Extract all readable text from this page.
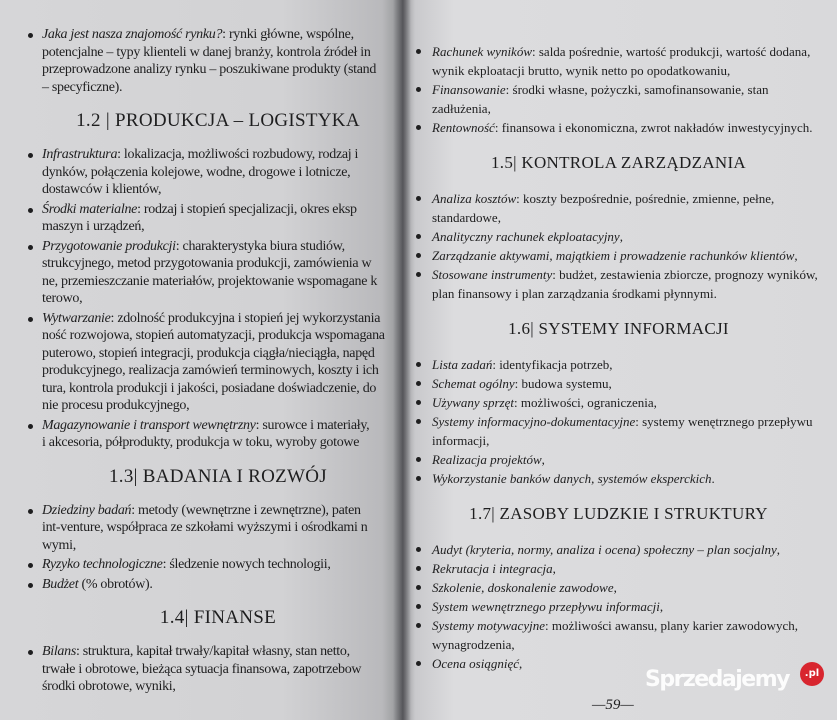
Jaka jest nasza znajomość rynku?: rynki główne, wspólne,
potencjalne – typy klienteli w danej branży, kontrola źródeł in
przeprowadzone analizy rynku – poszukiwane produkty (stand
– specyficzne).
1.2 | PRODUKCJA – LOGISTYKA
Infrastruktura: lokalizacja, możliwości rozbudowy, rodzaj i
dynków, połączenia kolejowe, wodne, drogowe i lotnicze,
dostawców i klientów,
Środki materialne: rodzaj i stopień specjalizacji, okres eksp
maszyn i urządzeń,
Przygotowanie produkcji: charakterystyka biura studiów,
strukcyjnego, metod przygotowania produkcji, zamówienia w
ne, przemieszczanie materiałów, projektowanie wspomagane k
terowo,
Wytwarzanie: zdolność produkcyjna i stopień jej wykorzystania
ność rozwojowa, stopień automatyzacji, produkcja wspomagana
puterowo, stopień integracji, produkcja ciągła/nieciągła, napęd
produkcyjnego, realizacja zamówień terminowych, koszty i ich
tura, kontrola produkcji i jakości, posiadane doświadczenie, do
nie procesu produkcyjnego,
Magazynowanie i transport wewnętrzny: surowce i materiały,
i akcesoria, półprodukty, produkcja w toku, wyroby gotowe
1.3| BADANIA I ROZWÓJ
Dziedziny badań: metody (wewnętrzne i zewnętrzne), paten
int-venture, współpraca ze szkołami wyższymi i ośrodkami n
wymi,
Ryzyko technologiczne: śledzenie nowych technologii,
Budżet (% obrotów).
1.4| FINANSE
Bilans: struktura, kapitał trwały/kapitał własny, stan netto,
trwałe i obrotowe, bieżąca sytuacja finansowa, zapotrzebow
środki obrotowe, wyniki,
Rachunek wyników: salda pośrednie, wartość produkcji, wartość dodana, wynik ekploatacji brutto, wynik netto po opodatkowaniu,
Finansowanie: środki własne, pożyczki, samofinansowanie, stan zadłużenia,
Rentowność: finansowa i ekonomiczna, zwrot nakładów inwestycyjnych.
1.5| KONTROLA ZARZĄDZANIA
Analiza kosztów: koszty bezpośrednie, pośrednie, zmienne, pełne, standardowe,
Analityczny rachunek ekploatacyjny,
Zarządzanie aktywami, majątkiem i prowadzenie rachunków klientów,
Stosowane instrumenty: budżet, zestawienia zbiorcze, prognozy wyników, plan finansowy i plan zarządzania środkami płynnymi.
1.6| SYSTEMY INFORMACJI
Lista zadań: identyfikacja potrzeb,
Schemat ogólny: budowa systemu,
Używany sprzęt: możliwości, ograniczenia,
Systemy informacyjno-dokumentacyjne: systemy wenętrznego przepływu informacji,
Realizacja projektów,
Wykorzystanie banków danych, systemów eksperckich.
1.7| ZASOBY LUDZKIE I STRUKTURY
Audyt (kryteria, normy, analiza i ocena) społeczny – plan socjalny,
Rekrutacja i integracja,
Szkolenie, doskonalenie zawodowe,
System wewnętrznego przepływu informacji,
Systemy motywacyjne: możliwości awansu, plany karier zawodowych, wynagrodzenia,
Ocena osiągnięć,
—59—
Sprzedajemy	.pl
